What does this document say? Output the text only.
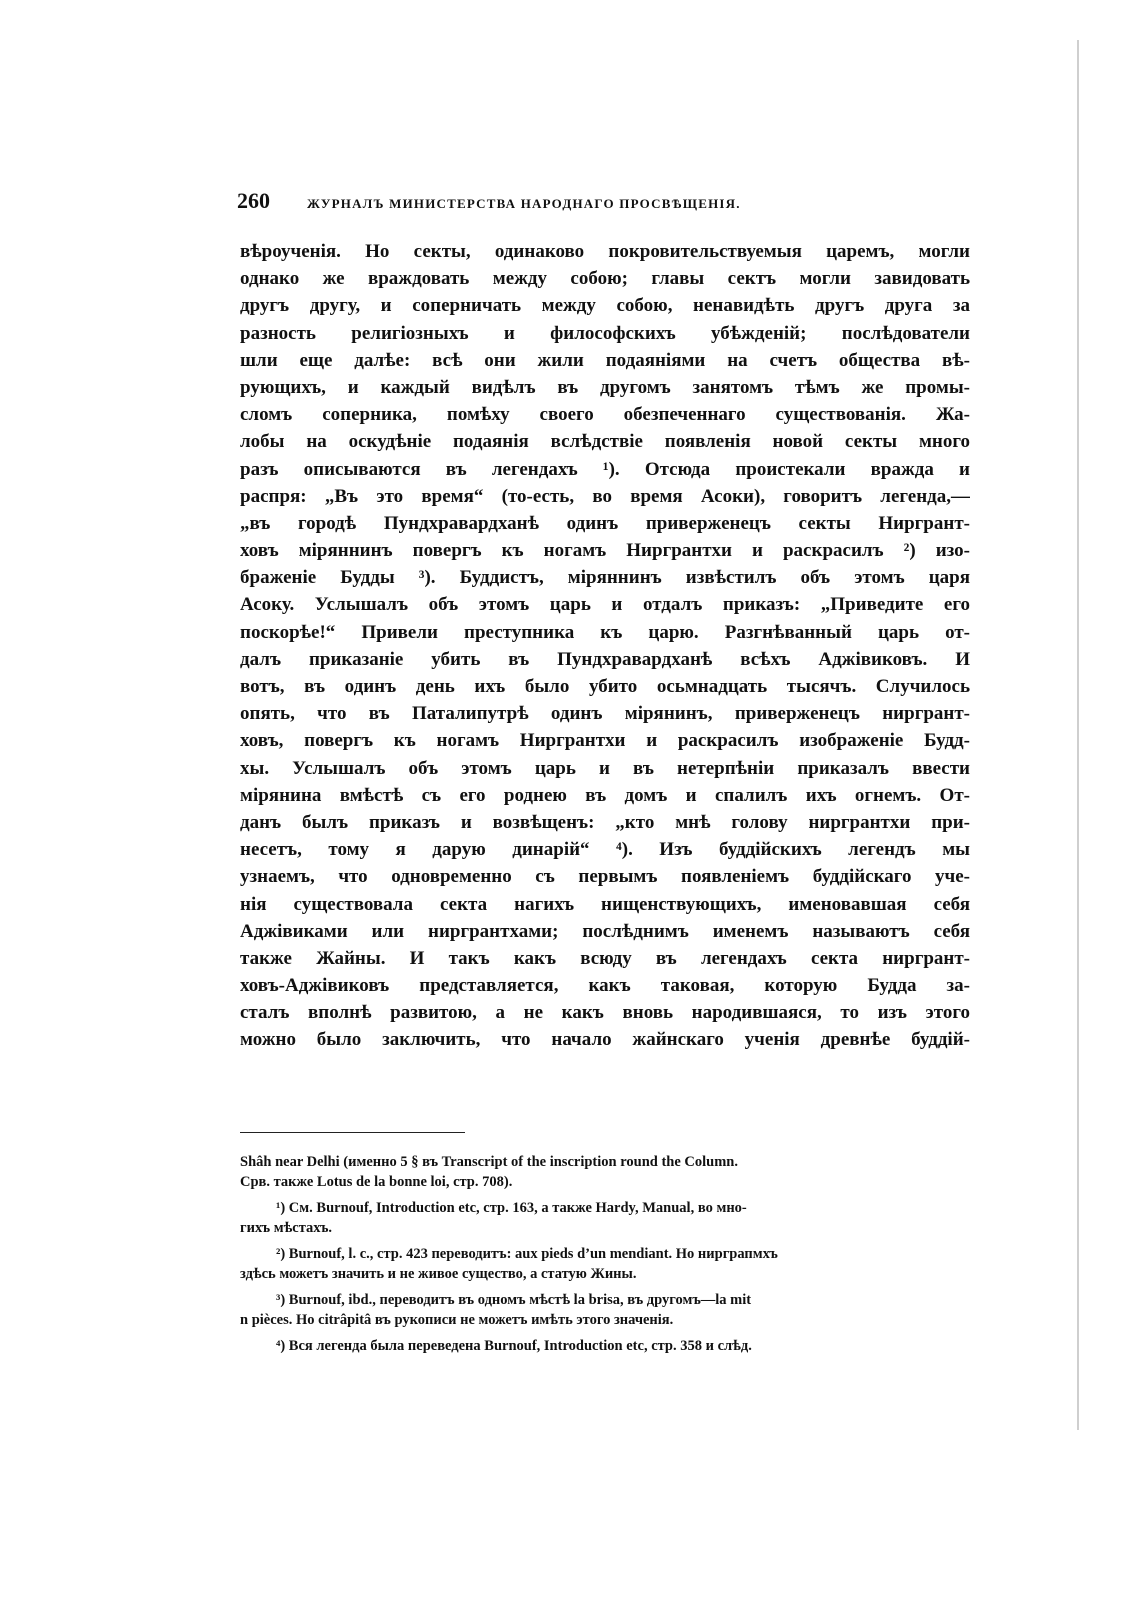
260	ЖУРНАЛЪ МИНИСТЕРСТВА НАРОДНАГО ПРОСВѢЩЕНІЯ.
вѣроученія. Но секты, одинаково покровительствуемыя царемъ, могли
однако же враждовать между собою; главы сектъ могли завидовать
другъ другу, и соперничать между собою, ненавидѣть другъ друга за
разность религіозныхъ и философскихъ убѣжденій; послѣдователи
шли еще далѣе: всѣ они жили подаяніями на счетъ общества вѣ-
рующихъ, и каждый видѣлъ въ другомъ занятомъ тѣмъ же промы-
сломъ соперника, помѣху своего обезпеченнаго существованія. Жа-
лобы на оскудѣніе подаянія вслѣдствіе появленія новой секты много
разъ описываются въ легендахъ ¹). Отсюда проистекали вражда и
распря: „Въ это время“ (то-есть, во время Асоки), говоритъ легенда,—
„въ городѣ Пундхравардханѣ одинъ приверженецъ секты Ниргрант-
ховъ міряннинъ повергъ къ ногамъ Ниргрантхи и раскрасилъ ²) изо-
браженіе Будды ³). Буддистъ, міряннинъ извѣстилъ объ этомъ царя
Асоку. Услышалъ объ этомъ царь и отдалъ приказъ: „Приведите его
поскорѣе!“ Привели преступника къ царю. Разгнѣванный царь от-
далъ приказаніе убить въ Пундхравардханѣ всѣхъ Аджівиковъ. И
вотъ, въ одинъ день ихъ было убито осьмнадцать тысячъ. Случилось
опять, что въ Паталипутрѣ одинъ мірянинъ, приверженецъ ниргрант-
ховъ, повергъ къ ногамъ Ниргрантхи и раскрасилъ изображеніе Будд-
хы. Услышалъ объ этомъ царь и въ нетерпѣніи приказалъ ввести
мірянина вмѣстѣ съ его роднею въ домъ и спалилъ ихъ огнемъ. От-
данъ былъ приказъ и возвѣщенъ: „кто мнѣ голову ниргрантхи при-
несетъ, тому я дарую динарій“ ⁴). Изъ буддійскихъ легендъ мы
узнаемъ, что одновременно съ первымъ появленіемъ буддійскаго уче-
нія существовала секта нагихъ нищенствующихъ, именовавшая себя
Аджівиками или ниргрантхами; послѣднимъ именемъ называютъ себя
также Жайны. И такъ какъ всюду въ легендахъ секта ниргрант-
ховъ-Аджівиковъ представляется, какъ таковая, которую Будда за-
сталъ вполнѣ развитою, а не какъ вновь народившаяся, то изъ этого
можно было заключить, что начало жайнскаго ученія древнѣе буддій-
Shâh near Delhi (именно 5 § въ Transcript of the inscription round the Column.
Срв. также Lotus de la bonne loi, стр. 708).
¹) См. Burnouf, Introduction etc, стр. 163, а также Hardy, Manual, во мно-
гихъ мѣстахъ.
²) Burnouf, l. c., стр. 423 переводитъ: aux pieds d’un mendiant. Но нирграпмхъ
здѣсь можетъ значить и не живое существо, а статую Жины.
³) Burnouf, ibd., переводитъ въ одномъ мѣстѣ la brisa, въ другомъ—la mit
n pièces. Но citrâpitâ въ рукописи не можетъ имѣть этого значенія.
⁴) Вся легенда была переведена Burnouf, Introduction etc, стр. 358 и слѣд.
